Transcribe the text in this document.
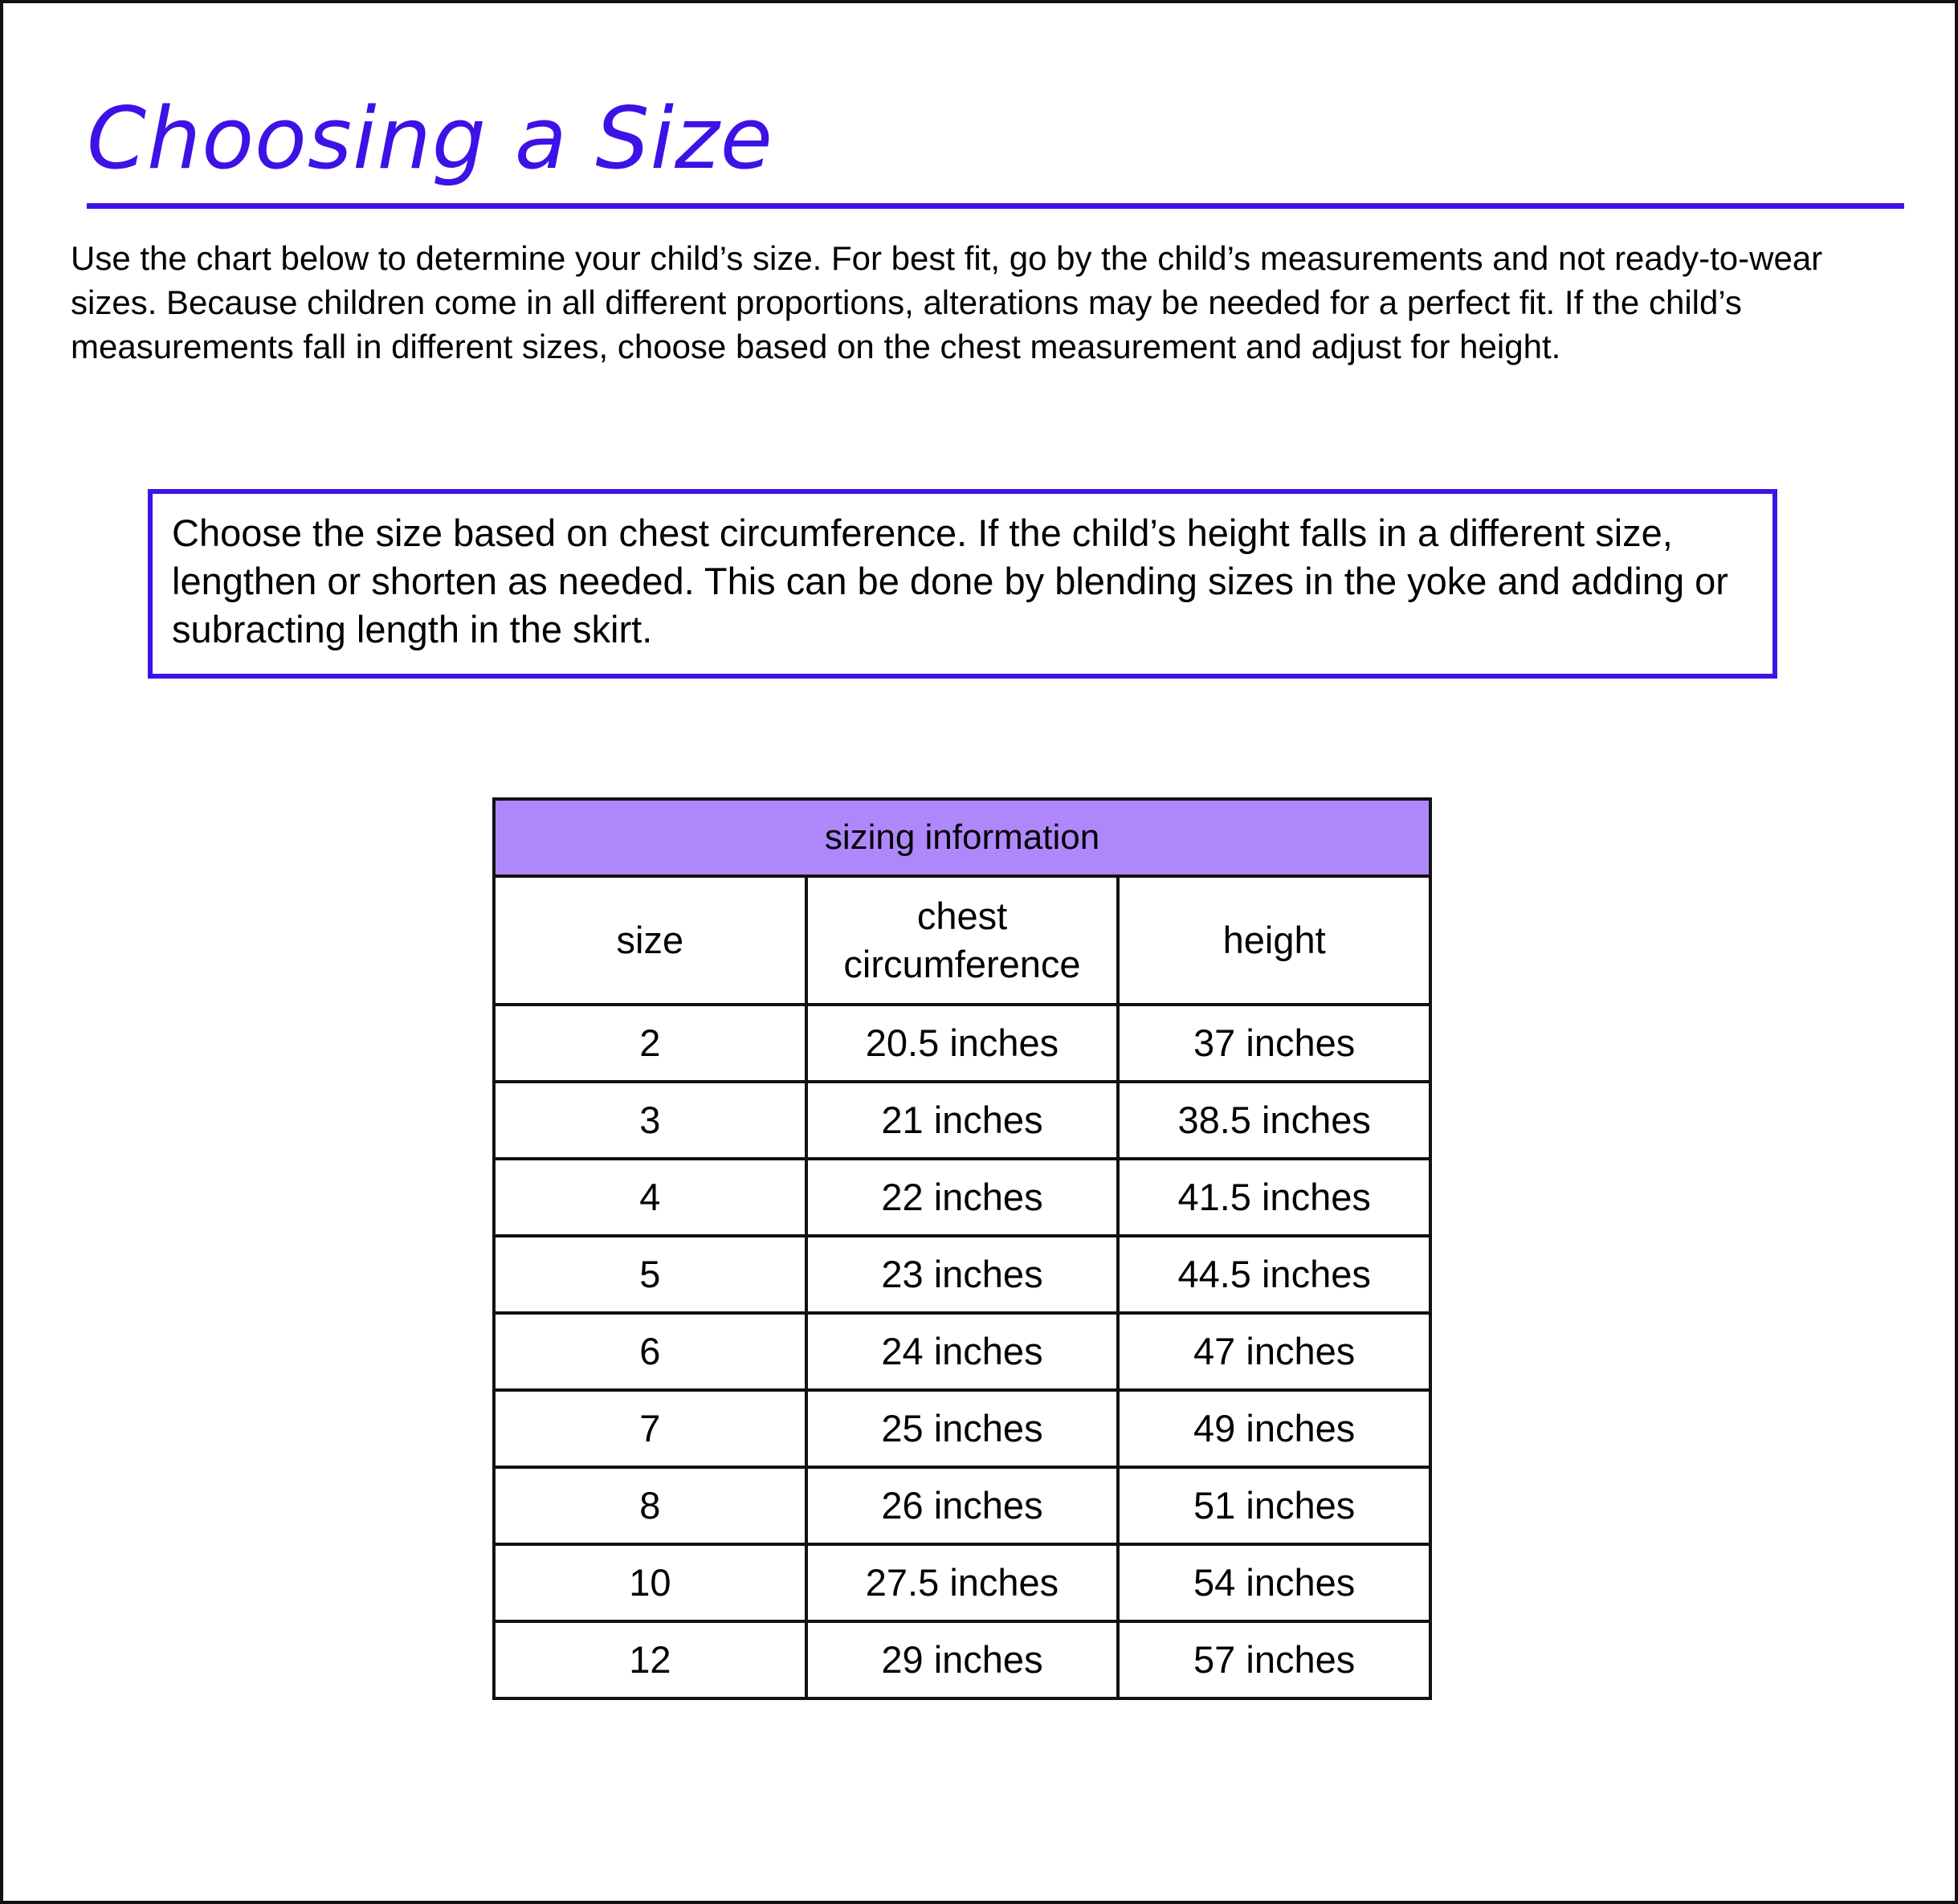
Choosing a Size

Use the chart below to determine your child’s size. For best fit, go by the child’s measurements and not ready-to-wear sizes. Because children come in all different proportions, alterations may be needed for a perfect fit. If the child’s measurements fall in different sizes, choose based on the chest measurement and adjust for height.

Choose the size based on chest circumference. If the child’s height falls in a different size, lengthen or shorten as needed. This can be done by blending sizes in the yoke and adding or subracting length in the skirt.

sizing information		
size	chest circumference	height
2	20.5 inches	37 inches
3	21 inches	38.5 inches
4	22 inches	41.5 inches
5	23 inches	44.5 inches
6	24 inches	47 inches
7	25 inches	49 inches
8	26 inches	51 inches
10	27.5 inches	54 inches
12	29 inches	57 inches
